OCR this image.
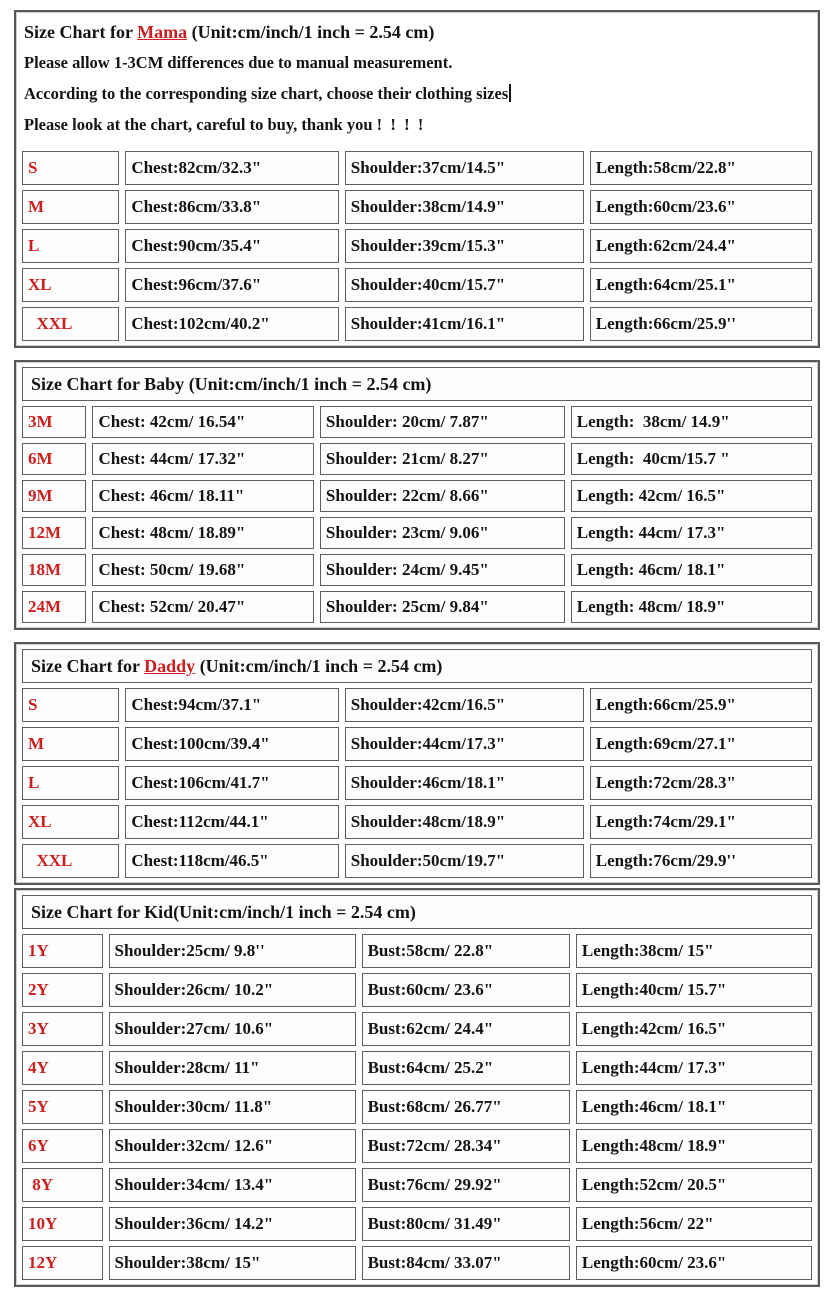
Size Chart for Mama (Unit:cm/inch/1 inch = 2.54 cm)

Please allow 1-3CM differences due to manual measurement.

According to the corresponding size chart, choose their clothing sizes

Please look at the chart, careful to buy, thank you !  !  !  !

S	Chest:82cm/32.3"	Shoulder:37cm/14.5"	Length:58cm/22.8"
M	Chest:86cm/33.8"	Shoulder:38cm/14.9"	Length:60cm/23.6"
L	Chest:90cm/35.4"	Shoulder:39cm/15.3"	Length:62cm/24.4"
XL	Chest:96cm/37.6"	Shoulder:40cm/15.7"	Length:64cm/25.1"
XXL	Chest:102cm/40.2"	Shoulder:41cm/16.1"	Length:66cm/25.9''
Size Chart for Baby (Unit:cm/inch/1 inch = 2.54 cm)
3M	Chest: 42cm/ 16.54"	Shoulder: 20cm/ 7.87"	Length:  38cm/ 14.9"
6M	Chest: 44cm/ 17.32"	Shoulder: 21cm/ 8.27"	Length:  40cm/15.7 "
9M	Chest: 46cm/ 18.11"	Shoulder: 22cm/ 8.66"	Length: 42cm/ 16.5"
12M	Chest: 48cm/ 18.89"	Shoulder: 23cm/ 9.06"	Length: 44cm/ 17.3"
18M	Chest: 50cm/ 19.68"	Shoulder: 24cm/ 9.45"	Length: 46cm/ 18.1"
24M	Chest: 52cm/ 20.47"	Shoulder: 25cm/ 9.84"	Length: 48cm/ 18.9"
Size Chart for Daddy (Unit:cm/inch/1 inch = 2.54 cm)
S	Chest:94cm/37.1"	Shoulder:42cm/16.5"	Length:66cm/25.9"
M	Chest:100cm/39.4"	Shoulder:44cm/17.3"	Length:69cm/27.1"
L	Chest:106cm/41.7"	Shoulder:46cm/18.1"	Length:72cm/28.3"
XL	Chest:112cm/44.1"	Shoulder:48cm/18.9"	Length:74cm/29.1"
XXL	Chest:118cm/46.5"	Shoulder:50cm/19.7"	Length:76cm/29.9''
Size Chart for Kid(Unit:cm/inch/1 inch = 2.54 cm)
1Y	Shoulder:25cm/ 9.8''	Bust:58cm/ 22.8"	Length:38cm/ 15"
2Y	Shoulder:26cm/ 10.2"	Bust:60cm/ 23.6"	Length:40cm/ 15.7"
3Y	Shoulder:27cm/ 10.6"	Bust:62cm/ 24.4"	Length:42cm/ 16.5"
4Y	Shoulder:28cm/ 11"	Bust:64cm/ 25.2"	Length:44cm/ 17.3"
5Y	Shoulder:30cm/ 11.8"	Bust:68cm/ 26.77"	Length:46cm/ 18.1"
6Y	Shoulder:32cm/ 12.6"	Bust:72cm/ 28.34"	Length:48cm/ 18.9"
8Y	Shoulder:34cm/ 13.4"	Bust:76cm/ 29.92"	Length:52cm/ 20.5"
10Y	Shoulder:36cm/ 14.2"	Bust:80cm/ 31.49"	Length:56cm/ 22"
12Y	Shoulder:38cm/ 15"	Bust:84cm/ 33.07"	Length:60cm/ 23.6"
